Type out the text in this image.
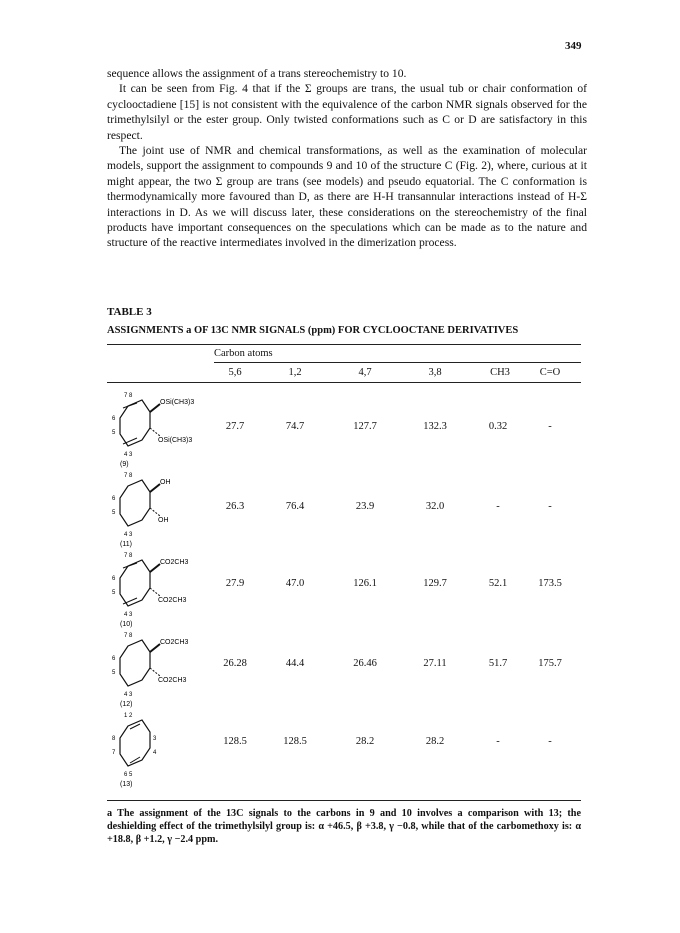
349

sequence allows the assignment of a trans stereochemistry to 10.

It can be seen from Fig. 4 that if the Σ groups are trans, the usual tub or chair conformation of cyclooctadiene [15] is not consistent with the equivalence of the carbon NMR signals observed for the trimethylsilyl or the ester group. Only twisted conformations such as C or D are satisfactory in this respect.

The joint use of NMR and chemical transformations, as well as the examination of molecular models, support the assignment to compounds 9 and 10 of the structure C (Fig. 2), where, curious at it might appear, the two Σ group are trans (see models) and pseudo equatorial. The C conformation is thermodynamically more favoured than D, as there are H-H transannular interactions instead of H-Σ interactions in D. As we will discuss later, these considerations on the stereochemistry of the final products have important consequences on the speculations which can be made as to the nature and structure of the reactive intermediates involved in the dimerization process.

TABLE 3
ASSIGNMENTS a OF 13C NMR SIGNALS (ppm) FOR CYCLOOCTANE DERIVATIVES
Carbon atoms
5,6	1,2	4,7	3,8	CH3	C=O
7 8
6
5
4 3
(9)
OSi(CH3)3
OSi(CH3)3
27.7	74.7	127.7	132.3	0.32	-
7 8
6
5
4 3
(11)
OH
OH
26.3	76.4	23.9	32.0	-	-
7 8
6
5
4 3
(10)
CO2CH3
CO2CH3
27.9	47.0	126.1	129.7	52.1	173.5
7 8
6
5
4 3
(12)
CO2CH3
CO2CH3
26.28	44.4	26.46	27.11	51.7	175.7
1 2
8
7
3
4
6 5
(13)
128.5	128.5	28.2	28.2	-	-
a The assignment of the 13C signals to the carbons in 9 and 10 involves a comparison with 13; the deshielding effect of the trimethylsilyl group is: α +46.5, β +3.8, γ −0.8, while that of the carbomethoxy is: α +18.8, β +1.2, γ −2.4 ppm.
